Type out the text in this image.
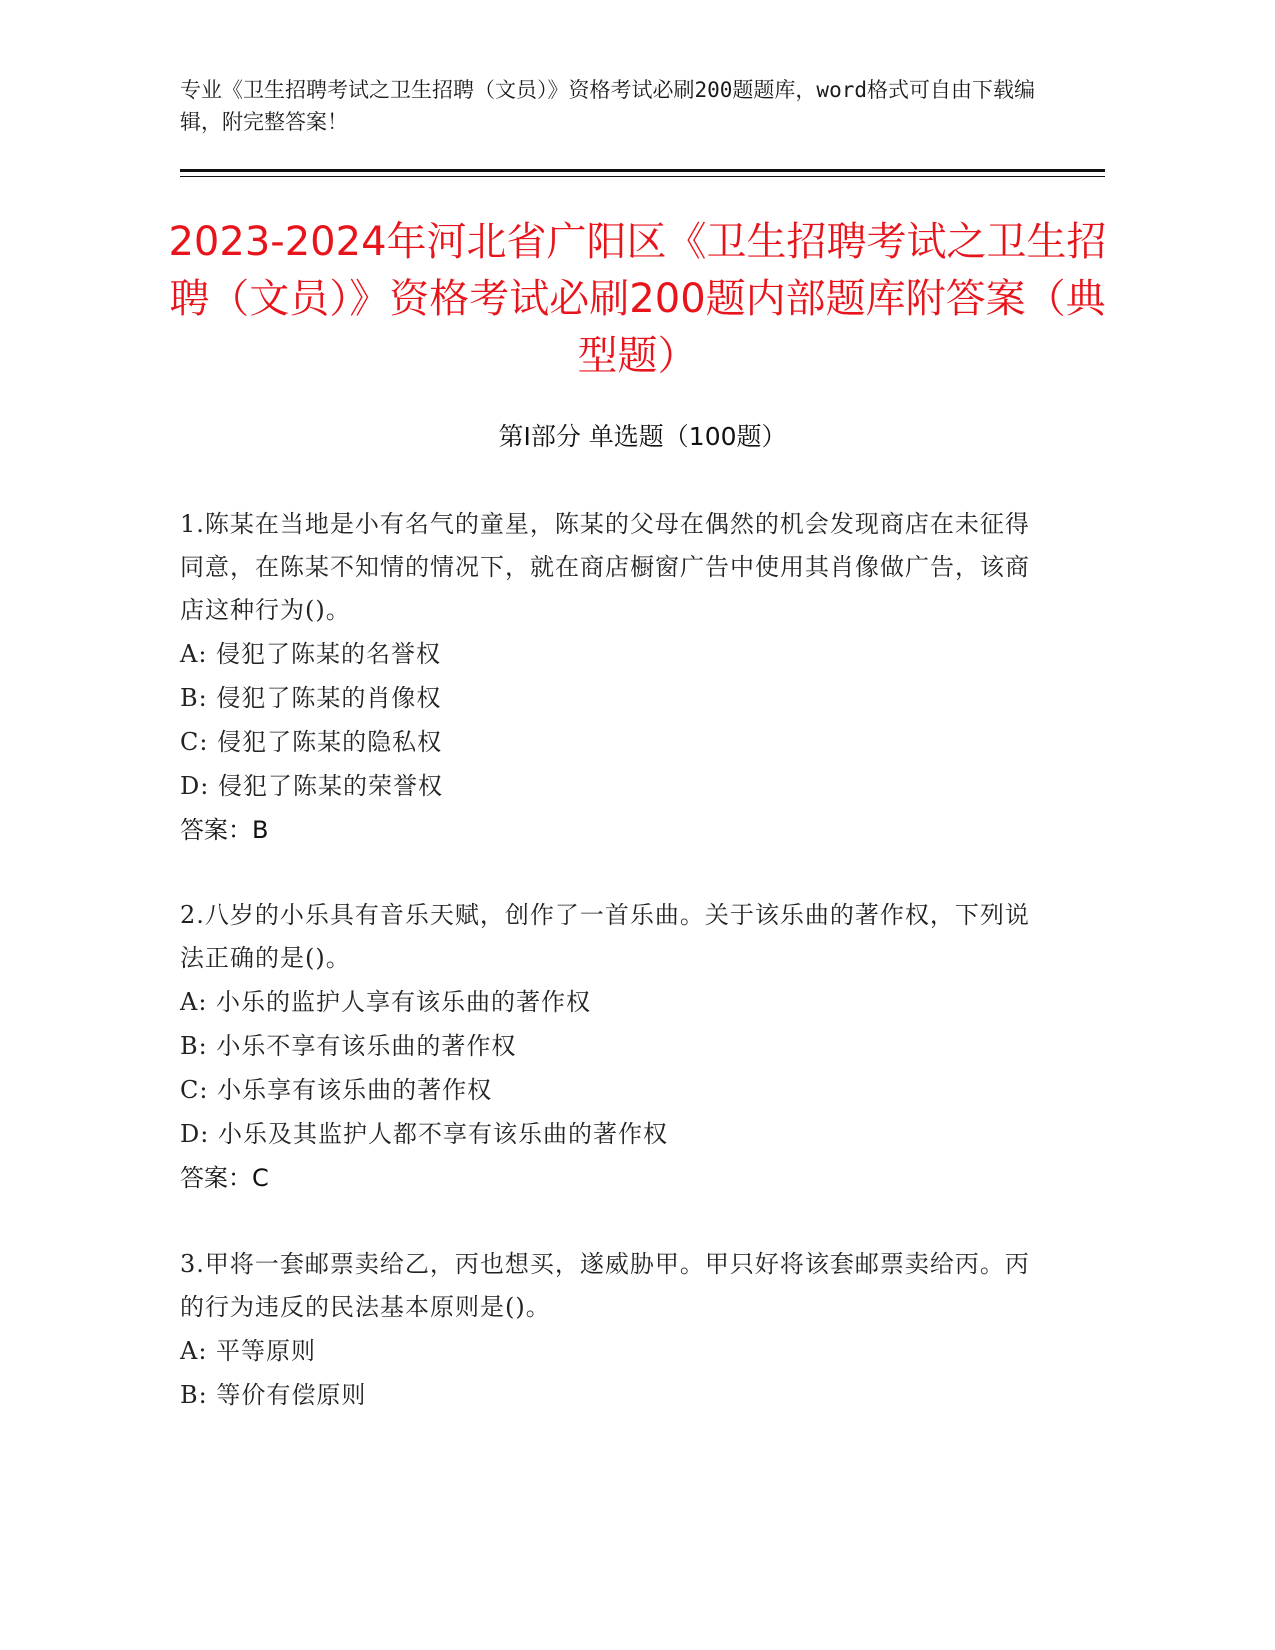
专业《卫生招聘考试之卫生招聘（文员）》资格考试必刷200题题库，word格式可自由下载编辑，附完整答案！
2023-2024年河北省广阳区《卫生招聘考试之卫生招聘（文员）》资格考试必刷200题内部题库附答案（典型题）
第Ⅰ部分 单选题（100题）
1.陈某在当地是小有名气的童星，陈某的父母在偶然的机会发现商店在未征得同意，在陈某不知情的情况下，就在商店橱窗广告中使用其肖像做广告，该商店这种行为()。
A: 侵犯了陈某的名誉权
B: 侵犯了陈某的肖像权
C: 侵犯了陈某的隐私权
D: 侵犯了陈某的荣誉权
答案：B
2.八岁的小乐具有音乐天赋，创作了一首乐曲。关于该乐曲的著作权，下列说法正确的是()。
A: 小乐的监护人享有该乐曲的著作权
B: 小乐不享有该乐曲的著作权
C: 小乐享有该乐曲的著作权
D: 小乐及其监护人都不享有该乐曲的著作权
答案：C
3.甲将一套邮票卖给乙，丙也想买，遂威胁甲。甲只好将该套邮票卖给丙。丙的行为违反的民法基本原则是()。
A: 平等原则
B: 等价有偿原则
